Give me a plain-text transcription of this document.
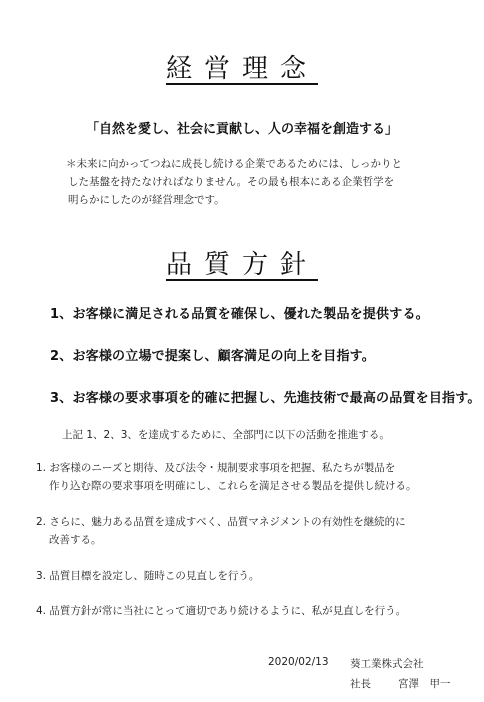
経営理念
「自然を愛し、社会に貢献し、人の幸福を創造する」
＊未来に向かってつねに成長し続ける企業であるためには、しっかりと
した基盤を持たなければなりません。その最も根本にある企業哲学を
明らかにしたのが経営理念です。
品質方針
1、お客様に満足される品質を確保し、優れた製品を提供する。
2、お客様の立場で提案し、顧客満足の向上を目指す。
3、お客様の要求事項を的確に把握し、先進技術で最高の品質を目指す。
上記 1、2、3、を達成するために、全部門に以下の活動を推進する。
1. お客様のニーズと期待、及び法令・規制要求事項を把握、私たちが製品を
作り込む際の要求事項を明確にし、これらを満足させる製品を提供し続ける。
2. さらに、魅力ある品質を達成すべく、品質マネジメントの有効性を継続的に
改善する。
3. 品質目標を設定し、随時この見直しを行う。
4. 品質方針が常に当社にとって適切であり続けるように、私が見直しを行う。
2020/02/13 葵工業株式会社
社長	宮澤　甲一
